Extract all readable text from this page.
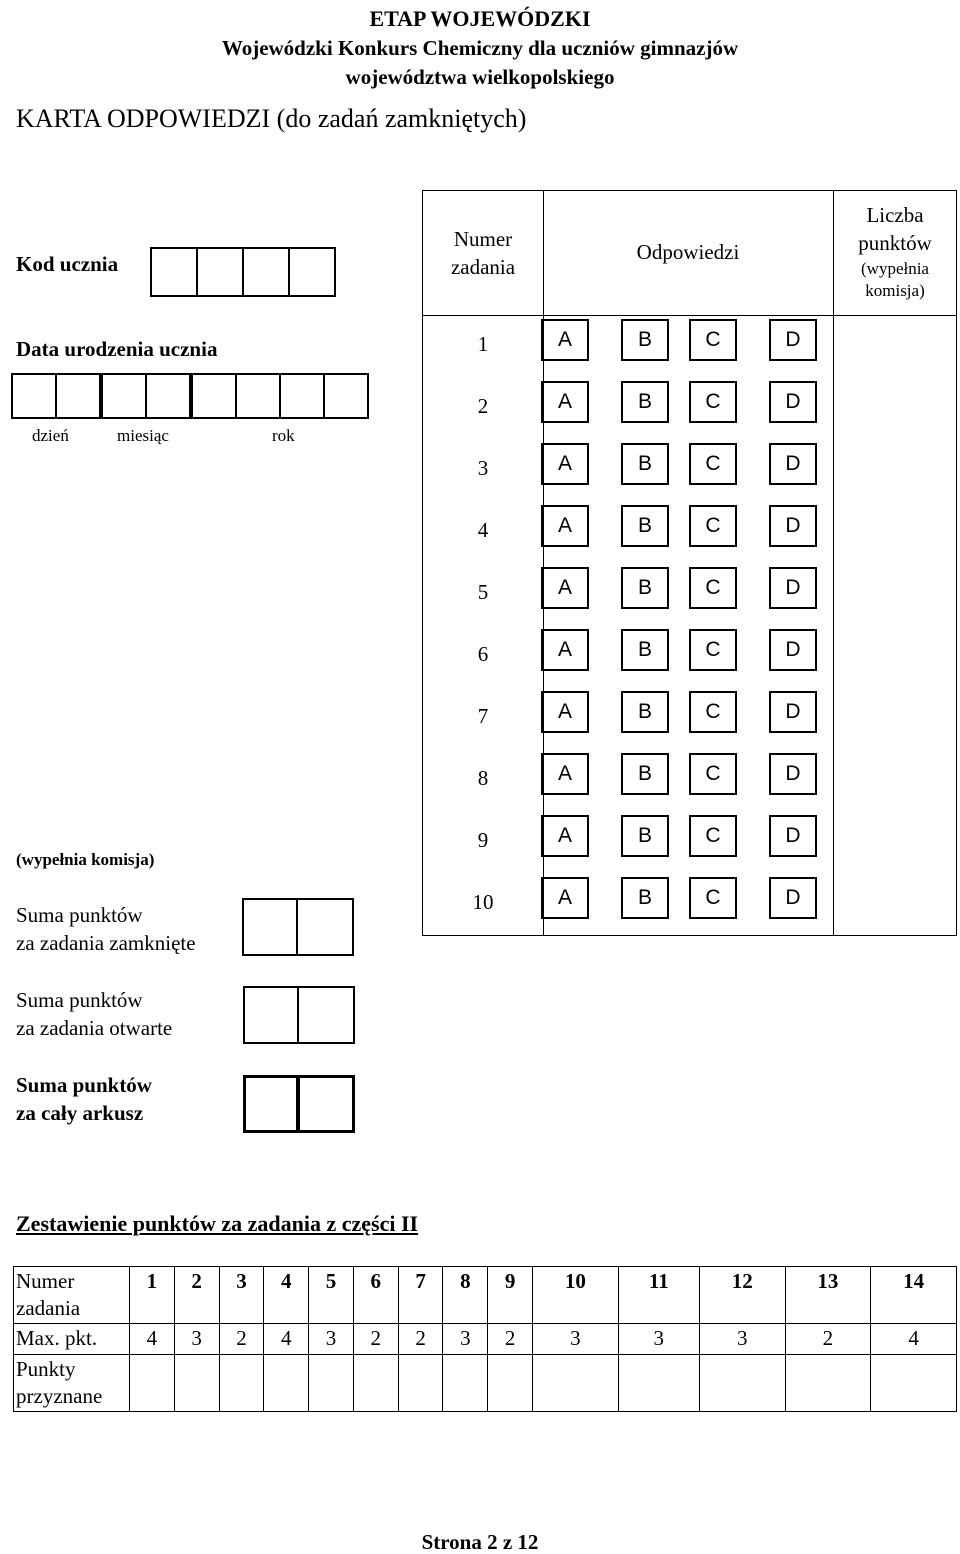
ETAP WOJEWÓDZKI
Wojewódzki Konkurs Chemiczny dla uczniów gimnazjów
województwa wielkopolskiego
KARTA ODPOWIEDZI (do zadań zamkniętych)
Kod ucznia
Data urodzenia ucznia
dzień	miesiąc	rok
(wypełnia komisja)
Suma punktów
za zadania zamknięte
Suma punktów
za zadania otwarte
Suma punktów
za cały arkusz
Numer
zadania
Odpowiedzi
Liczba
punktów
(wypełnia
komisja)
1	A	B	C	D
2	A	B	C	D
3	A	B	C	D
4	A	B	C	D
5	A	B	C	D
6	A	B	C	D
7	A	B	C	D
8	A	B	C	D
9	A	B	C	D
10	A	B	C	D
Zestawienie punktów za zadania z części II
Numer zadania	1	2	3	4	5	6	7	8	9	10	11	12	13	14
Max. pkt.	4	3	2	4	3	2	2	3	2	3	3	3	2	4
Punkty przyznane														
Strona 2 z 12
